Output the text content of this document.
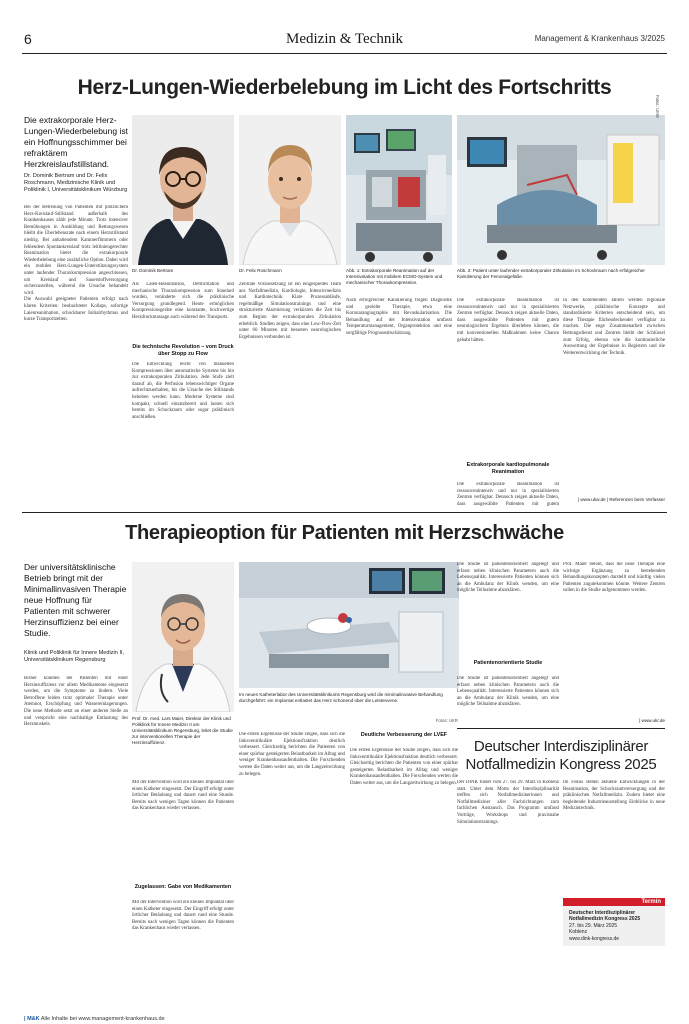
6	Medizin & Technik	Management & Krankenhaus 3/2025
Herz-Lungen-Wiederbelebung im Licht des Fortschritts
Die extrakorporale Herz-Lungen-Wiederbelebung ist ein Hoffnungsschimmer bei refraktärem Herzkreislaufstillstand.
Dr. Dominik Bertram und Dr. Felix Roschmann, Medizinische Klinik und Poliklinik I, Universitätsklinikum Würzburg
Bei der Betreuung von Patienten mit plötzlichem Herz-Kreislauf-Stillstand außerhalb des Krankenhauses zählt jede Minute. Trotz intensiver Bemühungen in Ausbildung und Rettungswesen bleibt die Überlebensrate nach einem Herzstillstand niedrig. Bei anhaltendem Kammerflimmern oder fehlendem Spontankreislauf trotz leitliniengerechter Reanimation bietet die extrakorporale Wiederbelebung eine zusätzliche Option. Dabei wird ein mobiles Herz-Lungen-Unterstützungssystem unter laufender Thoraxkompression angeschlossen, um Kreislauf und Sauerstoffversorgung sicherzustellen, während die Ursache behandelt wird.
Die Auswahl geeigneter Patienten erfolgt nach klaren Kriterien: beobachteter Kollaps, sofortige Laienreanimation, schockbarer Initialrhythmus und kurze Transportzeiten.
Dr. Dominik Bertram	Dr. Felix Roschmann	Abb. 1: Extrakorporale Reanimation auf der Intensivstation mit mobilem ECMO-System und mechanischer Thoraxkompression.
Fotos: UKW
Abb. 2: Patient unter laufender extrakorporaler Zirkulation im Schockraum nach erfolgreicher Kanülierung der Femoralgefäße.
Als Laien-Reanimation, Defibrillation und mechanische Thoraxkompression zum Standard wurden, veränderte sich die präklinische Versorgung grundlegend. Heute ermöglichen Kompressionsgeräte eine konstante, hochwertige Herzdruckmassage auch während des Transports.
Die technische Revolution – vom Druck über Stopp zu Flow
Die Entwicklung reicht von manuellen Kompressionen über automatische Systeme bis hin zur extrakorporalen Zirkulation. Jede Stufe zielt darauf ab, die Perfusion lebenswichtiger Organe aufrechtzuerhalten, bis die Ursache des Stillstands behoben werden kann. Moderne Systeme sind kompakt, schnell einsatzbereit und lassen sich bereits im Schockraum oder sogar präklinisch anschließen.
Zentrale Voraussetzung ist ein eingespieltes Team aus Notfallmedizin, Kardiologie, Intensivmedizin und Kardiotechnik. Klare Prozessabläufe, regelmäßige Simulationstrainings und eine strukturierte Alarmierung verkürzen die Zeit bis zum Beginn der extrakorporalen Zirkulation erheblich. Studien zeigen, dass eine Low-Flow-Zeit unter 60 Minuten mit besseren neurologischen Ergebnissen verbunden ist.
Nach erfolgreicher Kanülierung folgen Diagnostik und gezielte Therapie, etwa eine Koronarangiographie mit Revaskularisation. Die Behandlung auf der Intensivstation umfasst Temperaturmanagement, Organprotektion und eine sorgfältige Prognoseabschätzung.
Die extrakorporale Reanimation ist ressourcenintensiv und nur in spezialisierten Zentren verfügbar. Dennoch zeigen aktuelle Daten, dass ausgewählte Patienten mit gutem neurologischem Ergebnis überleben können, die mit konventionellen Maßnahmen keine Chance gehabt hätten.
Extrakorporale kardiopulmonale Reanimation
Die extrakorporale Reanimation ist ressourcenintensiv und nur in spezialisierten Zentren verfügbar. Dennoch zeigen aktuelle Daten, dass ausgewählte Patienten mit gutem
In den kommenden Jahren werden regionale Netzwerke, präklinische Konzepte und standardisierte Kriterien entscheidend sein, um diese Therapie flächendeckender verfügbar zu machen. Die enge Zusammenarbeit zwischen Rettungsdienst und Zentren bleibt der Schlüssel zum Erfolg, ebenso wie die kontinuierliche Auswertung der Ergebnisse in Registern und die Weiterentwicklung der Technik.
| www.ukw.de | Referenzen beim Verfasser
Therapieoption für Patienten mit Herzschwäche
Der universitätsklinische Betrieb bringt mit der Minimallinvasiven Therapie neue Hoffnung für Patienten mit schwerer Herzinsuffizienz bei einer Studie.
Klinik und Poliklinik für Innere Medizin II, Universitätsklinikum Regensburg
Bisher konnten bei Patienten mit einer Herzinsuffizienz vor allem Medikamente eingesetzt werden, um die Symptome zu lindern. Viele Betroffene leiden trotz optimaler Therapie unter Atemnot, Erschöpfung und Wassereinlagerungen. Die neue Methode setzt an einer anderen Stelle an und verspricht eine nachhaltige Entlastung des Herzmuskels.
Prof. Dr. med. Lars Maier, Direktor der Klinik und Poliklinik für Innere Medizin II am Universitätsklinikum Regensburg, leitet die Studie zur interventionellen Therapie der Herzinsuffizienz.
Im neuen Katheterlabor des Universitätsklinikums Regensburg wird die minimalinvasive Behandlung durchgeführt: ein Implantat entlastet das Herz schonend über die Leistenvene.
Fotos: UKR
Mit der Intervention wird ein kleines Implantat über einen Katheter eingesetzt. Der Eingriff erfolgt unter örtlicher Betäubung und dauert rund eine Stunde. Bereits nach wenigen Tagen können die Patienten das Krankenhaus wieder verlassen.
Zugelassen: Gabe von Medikamenten
Mit der Intervention wird ein kleines Implantat über einen Katheter eingesetzt. Der Eingriff erfolgt unter örtlicher Betäubung und dauert rund eine Stunde. Bereits nach wenigen Tagen können die Patienten das Krankenhaus wieder verlassen.
Die ersten Ergebnisse der Studie zeigen, dass sich die linksventrikuläre Ejektionsfraktion deutlich verbessert. Gleichzeitig berichten die Patienten von einer spürbar gesteigerten Belastbarkeit im Alltag und weniger Krankenhausaufenthalten. Die Forschenden werten die Daten weiter aus, um die Langzeitwirkung zu belegen.
Deutliche Verbesserung der LVEF
Die ersten Ergebnisse der Studie zeigen, dass sich die linksventrikuläre Ejektionsfraktion deutlich verbessert. Gleichzeitig berichten die Patienten von einer spürbar gesteigerten Belastbarkeit im Alltag und weniger Krankenhausaufenthalten. Die Forschenden werten die Daten weiter aus, um die Langzeitwirkung zu belegen.
Die Studie ist patientenorientiert angelegt und erfasst neben klinischen Parametern auch die Lebensqualität. Interessierte Patienten können sich an die Ambulanz der Klinik wenden, um eine mögliche Teilnahme abzuklären.
Patientenorientierte Studie
Die Studie ist patientenorientiert angelegt und erfasst neben klinischen Parametern auch die Lebensqualität. Interessierte Patienten können sich an die Ambulanz der Klinik wenden, um eine mögliche Teilnahme abzuklären.
Prof. Maier betont, dass die neue Therapie eine wichtige Ergänzung zu bestehenden Behandlungskonzepten darstellt und künftig vielen Patienten zugutekommen könnte. Weitere Zentren sollen in die Studie aufgenommen werden.
| www.ukr.de
Deutscher Interdisziplinärer Notfallmedizin Kongress 2025
Der DINK findet vom 27. bis 29. März in Koblenz statt. Unter dem Motto der Interdisziplinarität treffen sich Notfallmedizinerinnen und Notfallmediziner aller Fachrichtungen zum fachlichen Austausch. Das Programm umfasst Vorträge, Workshops und praxisnahe Simulationstrainings.
Im Fokus stehen aktuelle Entwicklungen in der Reanimation, der Schockraumversorgung und der präklinischen Notfallmedizin. Zudem bietet eine begleitende Industrieausstellung Einblicke in neue Medizintechnik.
Termin
Deutscher Interdisziplinärer Notfallmedizin Kongress 2025
27. bis 29. März 2025
Koblenz
www.dink-kongress.de
| M&K Alle Inhalte bei www.management-krankenhaus.de
